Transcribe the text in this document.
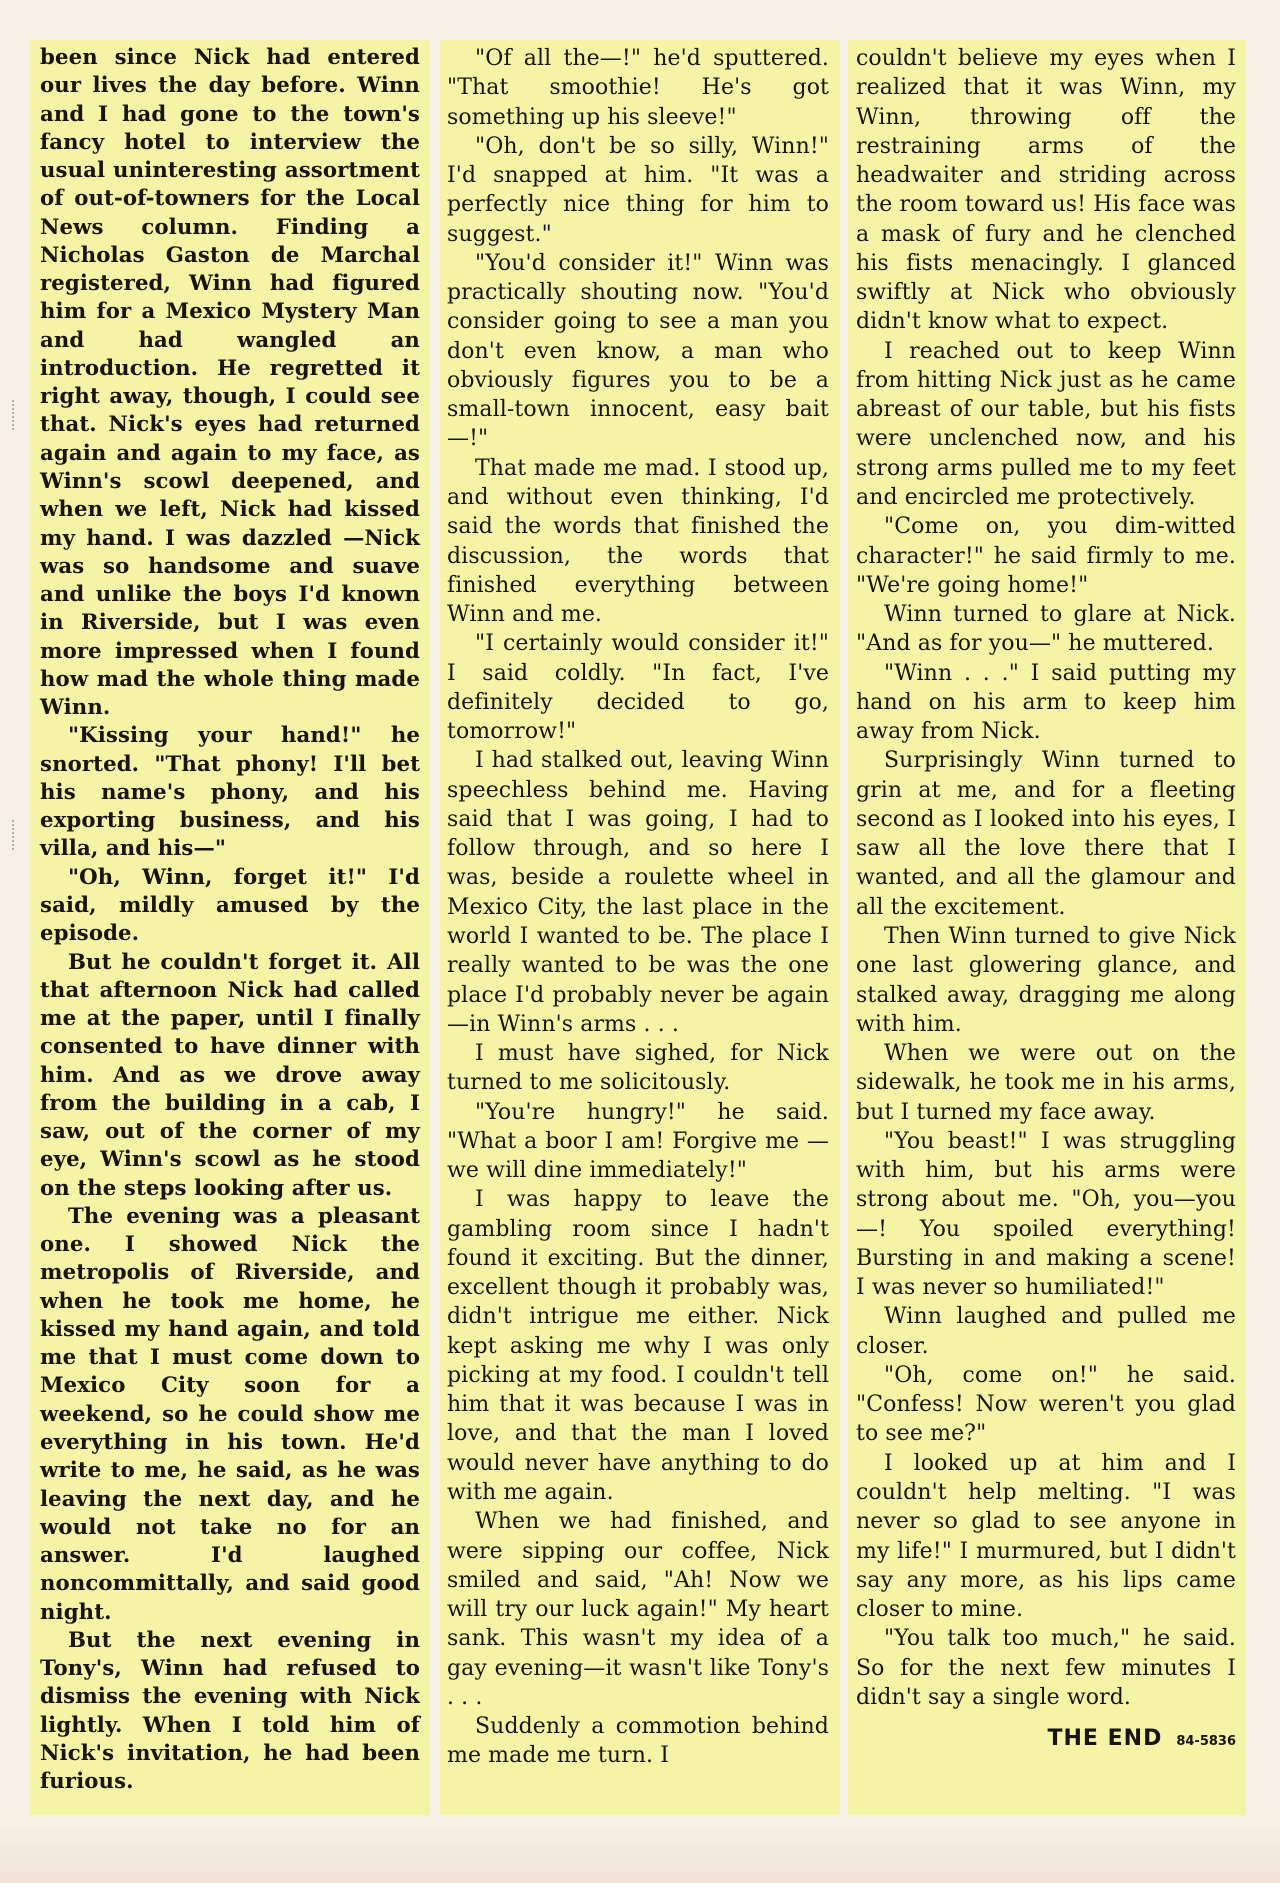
been since Nick had entered our lives the day before. Winn and I had gone to the town's fancy hotel to interview the usual uninteresting assortment of out-of-towners for the Local News column. Finding a Nicholas Gaston de Marchal registered, Winn had figured him for a Mexico Mystery Man and had wangled an introduction. He regretted it right away, though, I could see that. Nick's eyes had returned again and again to my face, as Winn's scowl deepened, and when we left, Nick had kissed my hand. I was dazzled —Nick was so handsome and suave and unlike the boys I'd known in Riverside, but I was even more impressed when I found how mad the whole thing made Winn.

"Kissing your hand!" he snorted. "That phony! I'll bet his name's phony, and his exporting business, and his villa, and his—"

"Oh, Winn, forget it!" I'd said, mildly amused by the episode.

But he couldn't forget it. All that afternoon Nick had called me at the paper, until I finally consented to have dinner with him. And as we drove away from the building in a cab, I saw, out of the corner of my eye, Winn's scowl as he stood on the steps looking after us.

The evening was a pleasant one. I showed Nick the metropolis of Riverside, and when he took me home, he kissed my hand again, and told me that I must come down to Mexico City soon for a weekend, so he could show me everything in his town. He'd write to me, he said, as he was leaving the next day, and he would not take no for an answer. I'd laughed noncommittally, and said good night.

But the next evening in Tony's, Winn had refused to dismiss the evening with Nick lightly. When I told him of Nick's invitation, he had been furious.

"Of all the—!" he'd sputtered. "That smoothie! He's got something up his sleeve!"

"Oh, don't be so silly, Winn!" I'd snapped at him. "It was a perfectly nice thing for him to suggest."

"You'd consider it!" Winn was practically shouting now. "You'd consider going to see a man you don't even know, a man who obviously figures you to be a small-town innocent, easy bait—!"

That made me mad. I stood up, and without even thinking, I'd said the words that finished the discussion, the words that finished everything between Winn and me.

"I certainly would consider it!" I said coldly. "In fact, I've definitely decided to go, tomorrow!"

I had stalked out, leaving Winn speechless behind me. Having said that I was going, I had to follow through, and so here I was, beside a roulette wheel in Mexico City, the last place in the world I wanted to be. The place I really wanted to be was the one place I'd probably never be again—in Winn's arms . . .

I must have sighed, for Nick turned to me solicitously.

"You're hungry!" he said. "What a boor I am! Forgive me —we will dine immediately!"

I was happy to leave the gambling room since I hadn't found it exciting. But the dinner, excellent though it probably was, didn't intrigue me either. Nick kept asking me why I was only picking at my food. I couldn't tell him that it was because I was in love, and that the man I loved would never have anything to do with me again.

When we had finished, and were sipping our coffee, Nick smiled and said, "Ah! Now we will try our luck again!" My heart sank. This wasn't my idea of a gay evening—it wasn't like Tony's . . .

Suddenly a commotion behind me made me turn. I

couldn't believe my eyes when I realized that it was Winn, my Winn, throwing off the restraining arms of the headwaiter and striding across the room toward us! His face was a mask of fury and he clenched his fists menacingly. I glanced swiftly at Nick who obviously didn't know what to expect.

I reached out to keep Winn from hitting Nick just as he came abreast of our table, but his fists were unclenched now, and his strong arms pulled me to my feet and encircled me protectively.

"Come on, you dim-witted character!" he said firmly to me. "We're going home!"

Winn turned to glare at Nick. "And as for you—" he muttered.

"Winn . . ." I said putting my hand on his arm to keep him away from Nick.

Surprisingly Winn turned to grin at me, and for a fleeting second as I looked into his eyes, I saw all the love there that I wanted, and all the glamour and all the excitement.

Then Winn turned to give Nick one last glowering glance, and stalked away, dragging me along with him.

When we were out on the sidewalk, he took me in his arms, but I turned my face away.

"You beast!" I was struggling with him, but his arms were strong about me. "Oh, you—you —! You spoiled everything! Bursting in and making a scene! I was never so humiliated!"

Winn laughed and pulled me closer.

"Oh, come on!" he said. "Confess! Now weren't you glad to see me?"

I looked up at him and I couldn't help melting. "I was never so glad to see anyone in my life!" I murmured, but I didn't say any more, as his lips came closer to mine.

"You talk too much," he said. So for the next few minutes I didn't say a single word.

THE END 84-5836
